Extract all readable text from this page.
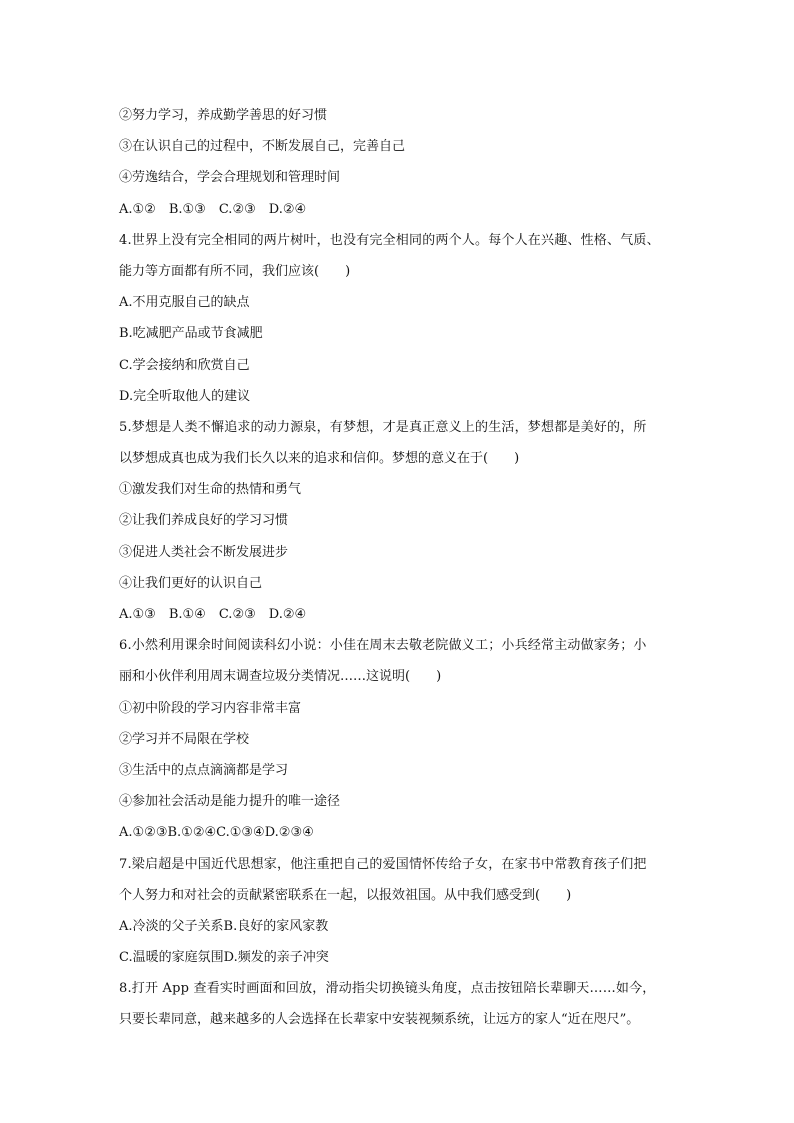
②努力学习，养成勤学善思的好习惯
③在认识自己的过程中，不断发展自己，完善自己
④劳逸结合，学会合理规划和管理时间
A.①②　B.①③　C.②③　D.②④
4.世界上没有完全相同的两片树叶，也没有完全相同的两个人。每个人在兴趣、性格、气质、
能力等方面都有所不同，我们应该(　　)
A.不用克服自己的缺点
B.吃减肥产品或节食减肥
C.学会接纳和欣赏自己
D.完全听取他人的建议
5.梦想是人类不懈追求的动力源泉，有梦想，才是真正意义上的生活，梦想都是美好的，所
以梦想成真也成为我们长久以来的追求和信仰。梦想的意义在于(　　)
①激发我们对生命的热情和勇气
②让我们养成良好的学习习惯
③促进人类社会不断发展进步
④让我们更好的认识自己
A.①③　B.①④　C.②③　D.②④
6.小然利用课余时间阅读科幻小说：小佳在周末去敬老院做义工；小兵经常主动做家务；小
丽和小伙伴利用周末调查垃圾分类情况……这说明(　　)
①初中阶段的学习内容非常丰富
②学习并不局限在学校
③生活中的点点滴滴都是学习
④参加社会活动是能力提升的唯一途径
A.①②③B.①②④C.①③④D.②③④
7.梁启超是中国近代思想家，他注重把自己的爱国情怀传给子女，在家书中常教育孩子们把
个人努力和对社会的贡献紧密联系在一起，以报效祖国。从中我们感受到(　　)
A.冷淡的父子关系B.良好的家风家教
C.温暖的家庭氛围D.频发的亲子冲突
8.打开 App 查看实时画面和回放，滑动指尖切换镜头角度，点击按钮陪长辈聊天……如今，
只要长辈同意，越来越多的人会选择在长辈家中安装视频系统，让远方的家人“近在咫尺”。
